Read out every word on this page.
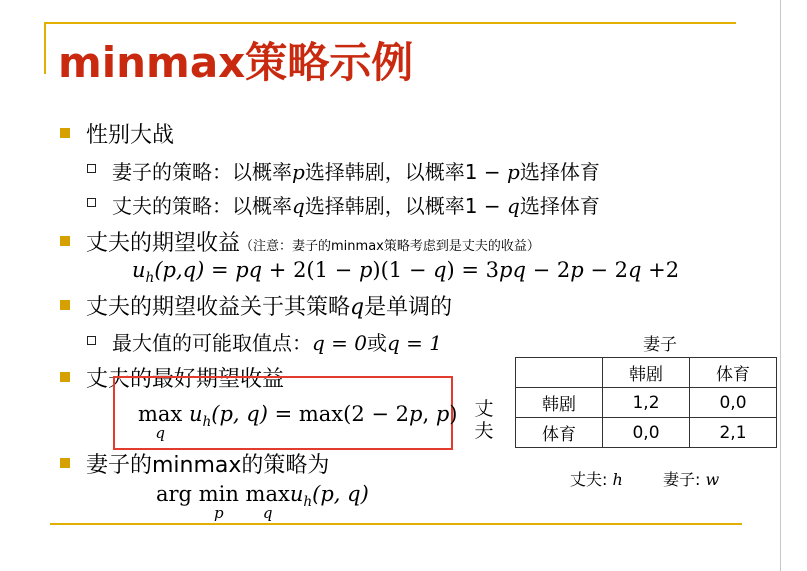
minmax策略示例
性别大战
妻子的策略：以概率p选择韩剧，以概率1 − p选择体育
丈夫的策略：以概率q选择韩剧，以概率1 − q选择体育
丈夫的期望收益（注意：妻子的minmax策略考虑到是丈夫的收益）
$u_h(p,q)$ = pq + 2(1 − p)(1 − q) = 3pq − 2p − 2q +2
丈夫的期望收益关于其策略q是单调的
最大值的可能取值点：q = 0或q = 1
丈夫的最好期望收益
max
q
$u_h(p$, q) = max(2 − 2p, p)
妻子的minmax的策略为
arg min
p
max
q
$u_h(p$, q)
妻子
丈夫
	韩剧	体育
韩剧	1,2	0,0
体育	0,0	2,1
丈夫: h	妻子: w
